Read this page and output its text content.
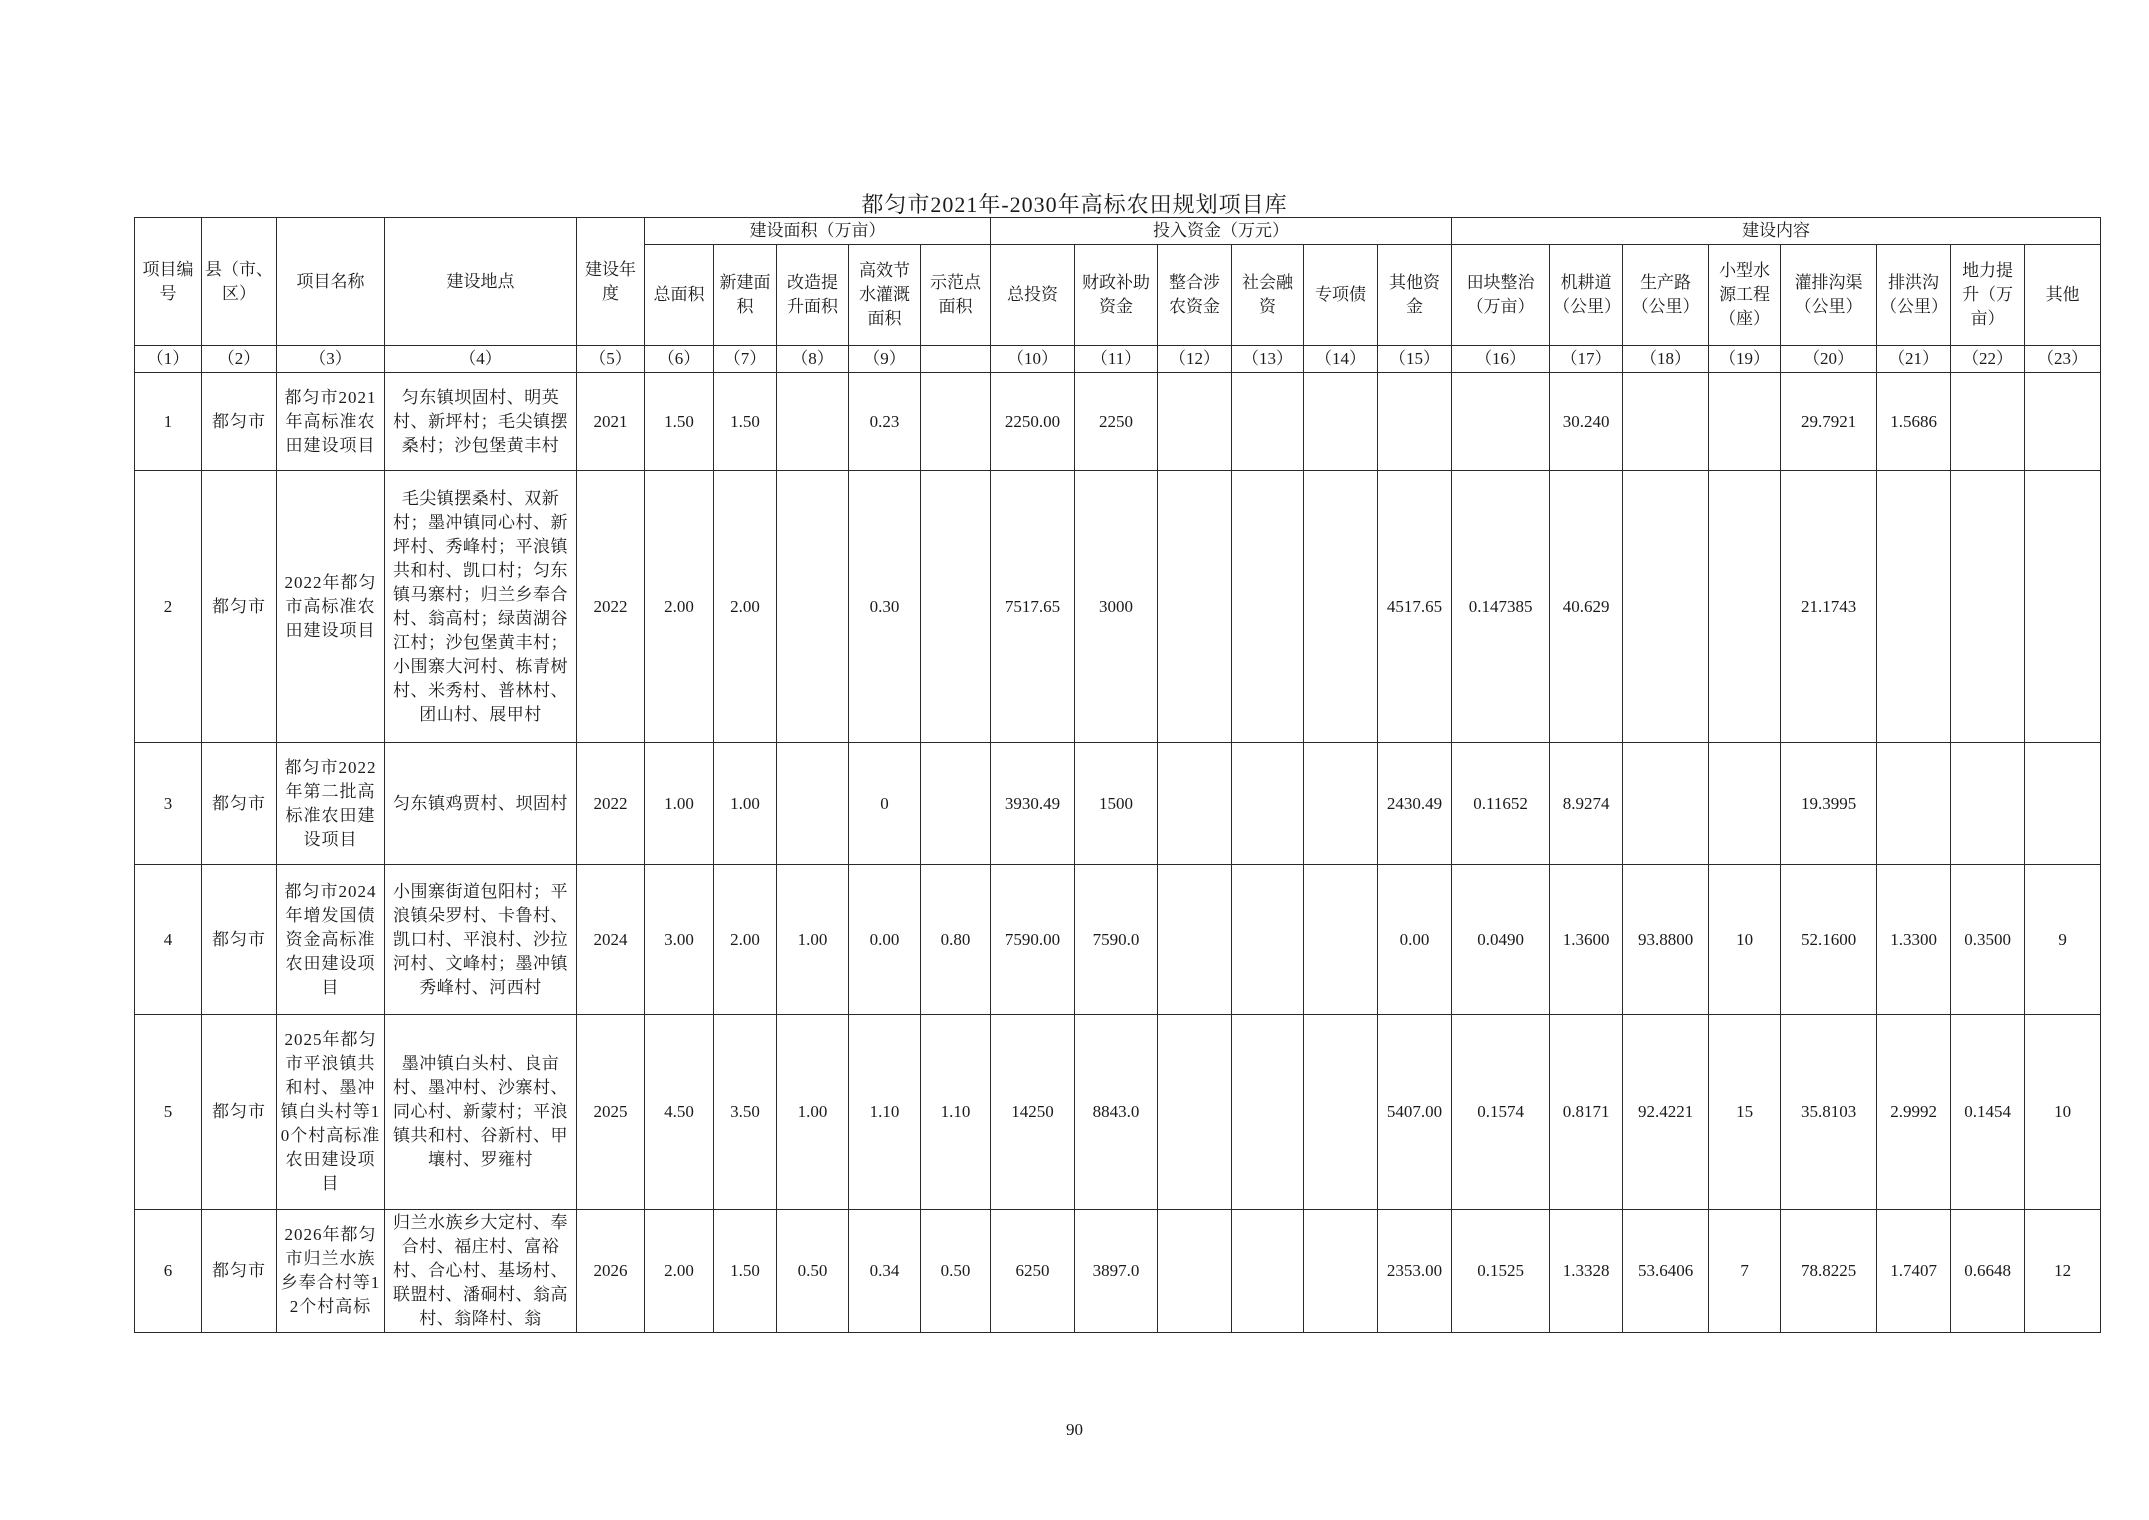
都匀市2021年-2030年高标农田规划项目库
项目编号	县（市、区）	项目名称	建设地点	建设年度	建设面积（万亩）					投入资金（万元）						建设内容							
					总面积	新建面积	改造提升面积	高效节水灌溉面积	示范点面积	总投资	财政补助资金	整合涉农资金	社会融资	专项债	其他资金	田块整治（万亩）	机耕道（公里）	生产路（公里）	小型水源工程（座）	灌排沟渠（公里）	排洪沟（公里）	地力提升（万亩）	其他
（1）	（2）	（3）	（4）	（5）	（6）	（7）	（8）	（9）		（10）	（11）	（12）	（13）	（14）	（15）	（16）	（17）	（18）	（19）	（20）	（21）	（22）	（23）
1	都匀市	都匀市2021年高标准农田建设项目	匀东镇坝固村、明英村、新坪村；毛尖镇摆桑村；沙包堡黄丰村	2021	1.50	1.50		0.23		2250.00	2250						30.240			29.7921	1.5686		
2	都匀市	2022年都匀市高标准农田建设项目	毛尖镇摆桑村、双新村；墨冲镇同心村、新坪村、秀峰村；平浪镇共和村、凯口村；匀东镇马寨村；归兰乡奉合村、翁高村；绿茵湖谷江村；沙包堡黄丰村；小围寨大河村、栋青树村、米秀村、普林村、团山村、展甲村	2022	2.00	2.00		0.30		7517.65	3000				4517.65	0.147385	40.629			21.1743			
3	都匀市	都匀市2022年第二批高标准农田建设项目	匀东镇鸡贾村、坝固村	2022	1.00	1.00		0		3930.49	1500				2430.49	0.11652	8.9274			19.3995			
4	都匀市	都匀市2024年增发国债资金高标准农田建设项目	小围寨街道包阳村；平浪镇朵罗村、卡鲁村、凯口村、平浪村、沙拉河村、文峰村；墨冲镇秀峰村、河西村	2024	3.00	2.00	1.00	0.00	0.80	7590.00	7590.0				0.00	0.0490	1.3600	93.8800	10	52.1600	1.3300	0.3500	9
5	都匀市	2025年都匀市平浪镇共和村、墨冲镇白头村等10个村高标准农田建设项目	墨冲镇白头村、良亩村、墨冲村、沙寨村、同心村、新蒙村；平浪镇共和村、谷新村、甲壤村、罗雍村	2025	4.50	3.50	1.00	1.10	1.10	14250	8843.0				5407.00	0.1574	0.8171	92.4221	15	35.8103	2.9992	0.1454	10
6	都匀市	2026年都匀市归兰水族乡奉合村等12个村高标	归兰水族乡大定村、奉合村、福庄村、富裕村、合心村、基场村、联盟村、潘硐村、翁高村、翁降村、翁	2026	2.00	1.50	0.50	0.34	0.50	6250	3897.0				2353.00	0.1525	1.3328	53.6406	7	78.8225	1.7407	0.6648	12
90
